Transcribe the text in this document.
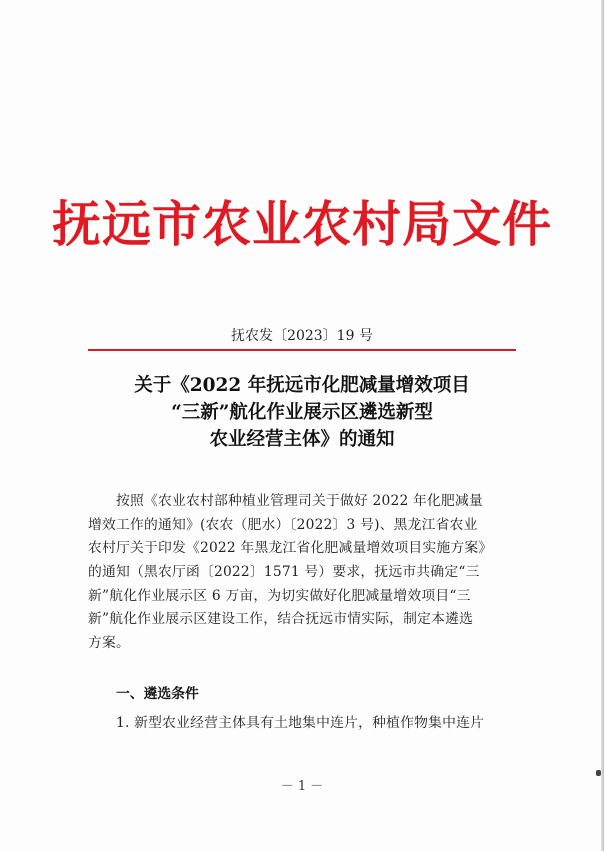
抚远市农业农村局文件
抚农发〔2023〕19 号
关于《2022 年抚远市化肥减量增效项目
“三新”航化作业展示区遴选新型
农业经营主体》的通知
按照《农业农村部种植业管理司关于做好 2022 年化肥减量
增效工作的通知》(农农（肥水）〔2022〕3 号)、黑龙江省农业
农村厅关于印发《2022 年黑龙江省化肥减量增效项目实施方案》
的通知（黑农厅函〔2022〕1571 号）要求，抚远市共确定“三
新”航化作业展示区 6 万亩，为切实做好化肥减量增效项目“三
新”航化作业展示区建设工作，结合抚远市情实际，制定本遴选
方案。
一、遴选条件
1. 新型农业经营主体具有土地集中连片，种植作物集中连片
－ 1 －
